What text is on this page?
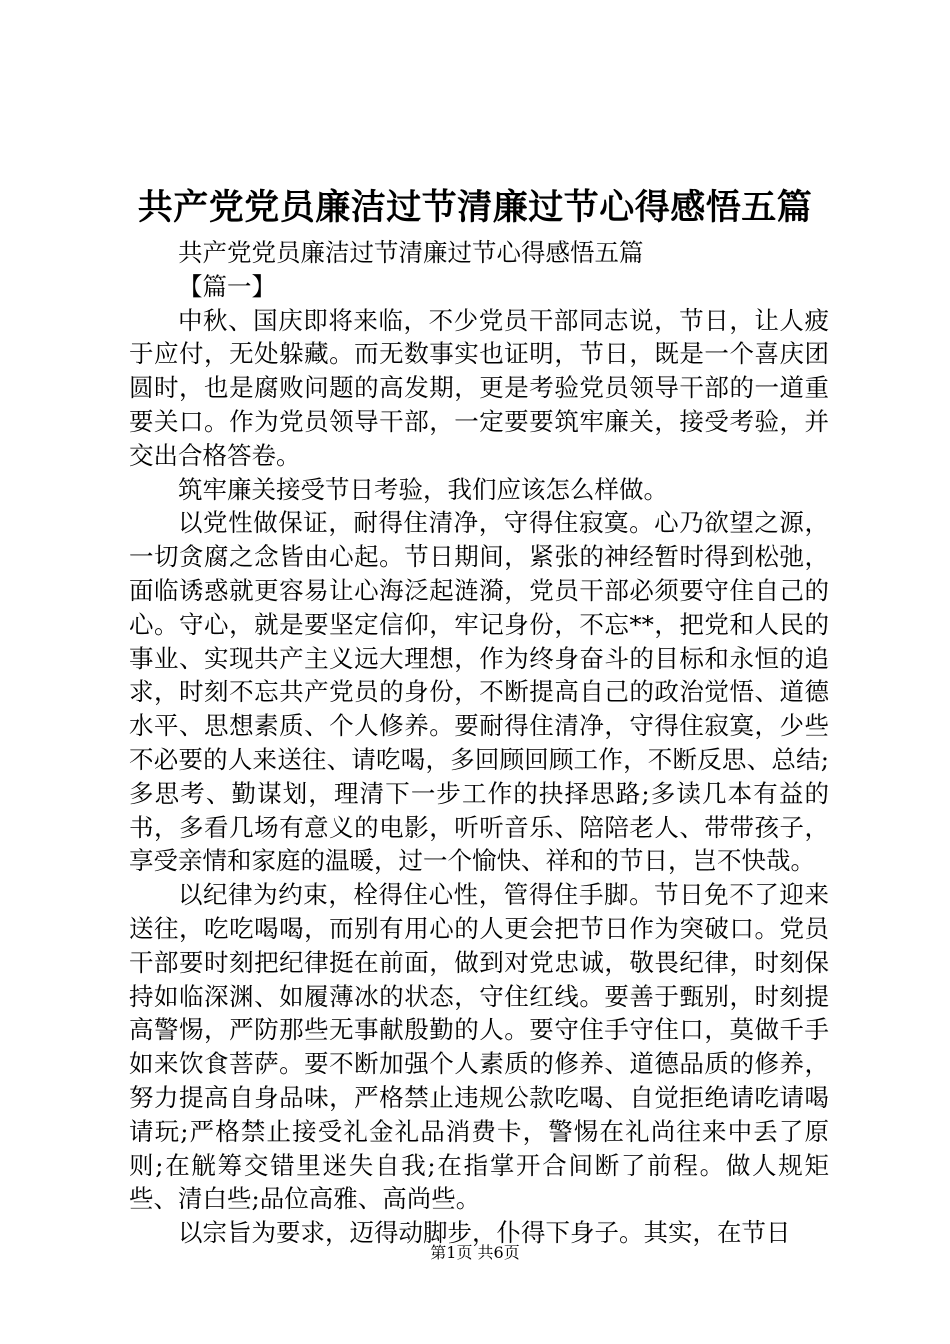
共产党党员廉洁过节清廉过节心得感悟五篇

共产党党员廉洁过节清廉过节心得感悟五篇

【篇一】

中秋、国庆即将来临，不少党员干部同志说，节日，让人疲于应付，无处躲藏。而无数事实也证明，节日，既是一个喜庆团圆时，也是腐败问题的高发期，更是考验党员领导干部的一道重要关口。作为党员领导干部，一定要要筑牢廉关，接受考验，并交出合格答卷。

筑牢廉关接受节日考验，我们应该怎么样做。

以党性做保证，耐得住清净，守得住寂寞。心乃欲望之源，一切贪腐之念皆由心起。节日期间，紧张的神经暂时得到松弛，面临诱惑就更容易让心海泛起涟漪，党员干部必须要守住自己的心。守心，就是要坚定信仰，牢记身份，不忘**，把党和人民的事业、实现共产主义远大理想，作为终身奋斗的目标和永恒的追求，时刻不忘共产党员的身份，不断提高自己的政治觉悟、道德水平、思想素质、个人修养。要耐得住清净，守得住寂寞，少些不必要的人来送往、请吃喝，多回顾回顾工作，不断反思、总结;多思考、勤谋划，理清下一步工作的抉择思路;多读几本有益的书，多看几场有意义的电影，听听音乐、陪陪老人、带带孩子，享受亲情和家庭的温暖，过一个愉快、祥和的节日，岂不快哉。

以纪律为约束，栓得住心性，管得住手脚。节日免不了迎来送往，吃吃喝喝，而别有用心的人更会把节日作为突破口。党员干部要时刻把纪律挺在前面，做到对党忠诚，敬畏纪律，时刻保持如临深渊、如履薄冰的状态，守住红线。要善于甄别，时刻提高警惕，严防那些无事献殷勤的人。要守住手守住口，莫做千手如来饮食菩萨。要不断加强个人素质的修养、道德品质的修养，努力提高自身品味，严格禁止违规公款吃喝、自觉拒绝请吃请喝请玩;严格禁止接受礼金礼品消费卡，警惕在礼尚往来中丢了原则;在觥筹交错里迷失自我;在指掌开合间断了前程。做人规矩些、清白些;品位高雅、高尚些。

以宗旨为要求，迈得动脚步，仆得下身子。其实，在节日

第1页 共6页
